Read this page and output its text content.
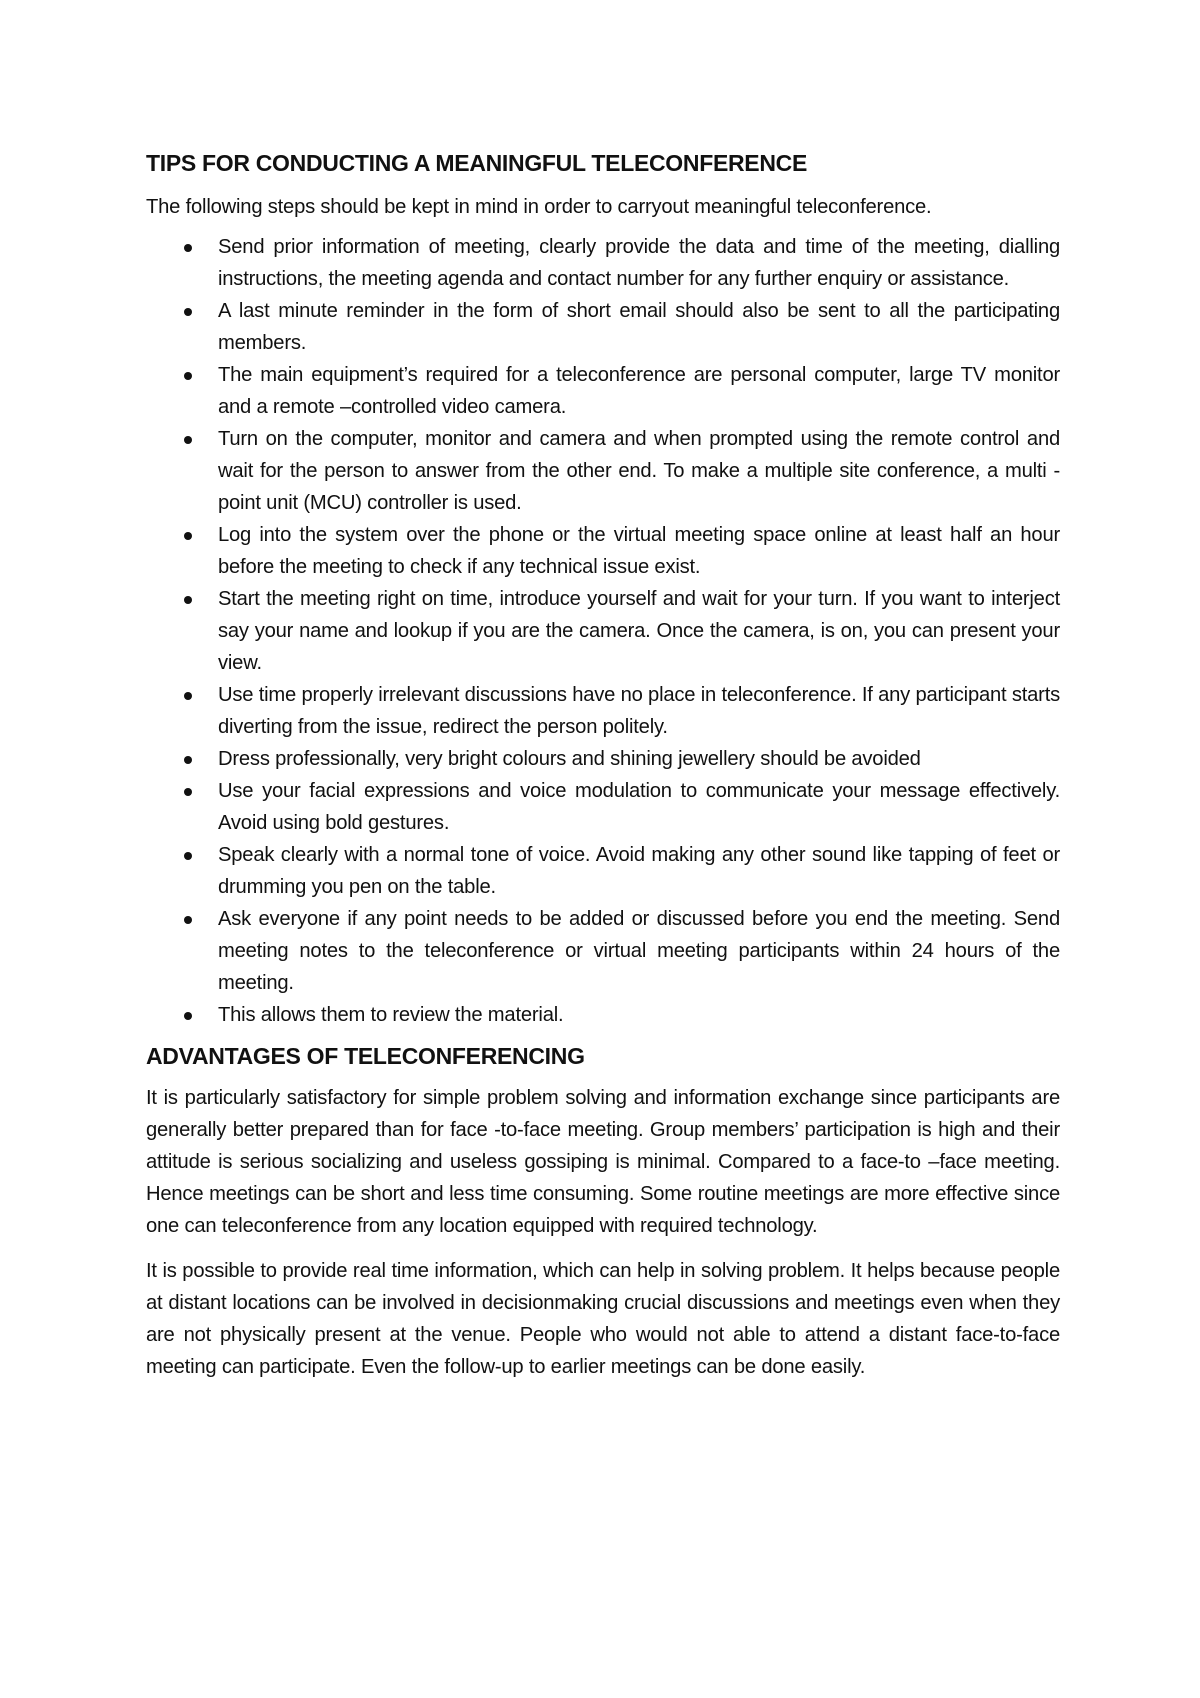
TIPS FOR CONDUCTING A MEANINGFUL TELECONFERENCE

The following steps should be kept in mind in order to carryout meaningful teleconference.

Send prior information of meeting, clearly provide the data and time of the meeting, dialling instructions, the meeting agenda and contact number for any further enquiry or assistance.
A last minute reminder in the form of short email should also be sent to all the participating members.
The main equipment’s required for a teleconference are personal computer, large TV monitor and a remote –controlled video camera.
Turn on the computer, monitor and camera and when prompted using the remote control and wait for the person to answer from the other end. To make a multiple site conference, a multi -point unit (MCU) controller is used.
Log into the system over the phone or the virtual meeting space online at least half an hour before the meeting to check if any technical issue exist.
Start the meeting right on time, introduce yourself and wait for your turn. If you want to interject say your name and lookup if you are the camera. Once the camera, is on, you can present your view.
Use time properly irrelevant discussions have no place in teleconference. If any participant starts diverting from the issue, redirect the person politely.
Dress professionally, very bright colours and shining jewellery should be avoided
Use your facial expressions and voice modulation to communicate your message effectively. Avoid using bold gestures.
Speak clearly with a normal tone of voice. Avoid making any other sound like tapping of feet or drumming you pen on the table.
Ask everyone if any point needs to be added or discussed before you end the meeting. Send meeting notes to the teleconference or virtual meeting participants within 24 hours of the meeting.
This allows them to review the material.
ADVANTAGES OF TELECONFERENCING

It is particularly satisfactory for simple problem solving and information exchange since participants are generally better prepared than for face -to-face meeting. Group members’ participation is high and their attitude is serious socializing and useless gossiping is minimal. Compared to a face-to –face meeting. Hence meetings can be short and less time consuming. Some routine meetings are more effective since one can teleconference from any location equipped with required technology.

It is possible to provide real time information, which can help in solving problem. It helps because people at distant locations can be involved in decisionmaking crucial discussions and meetings even when they are not physically present at the venue. People who would not able to attend a distant face-to-face meeting can participate. Even the follow-up to earlier meetings can be done easily.
